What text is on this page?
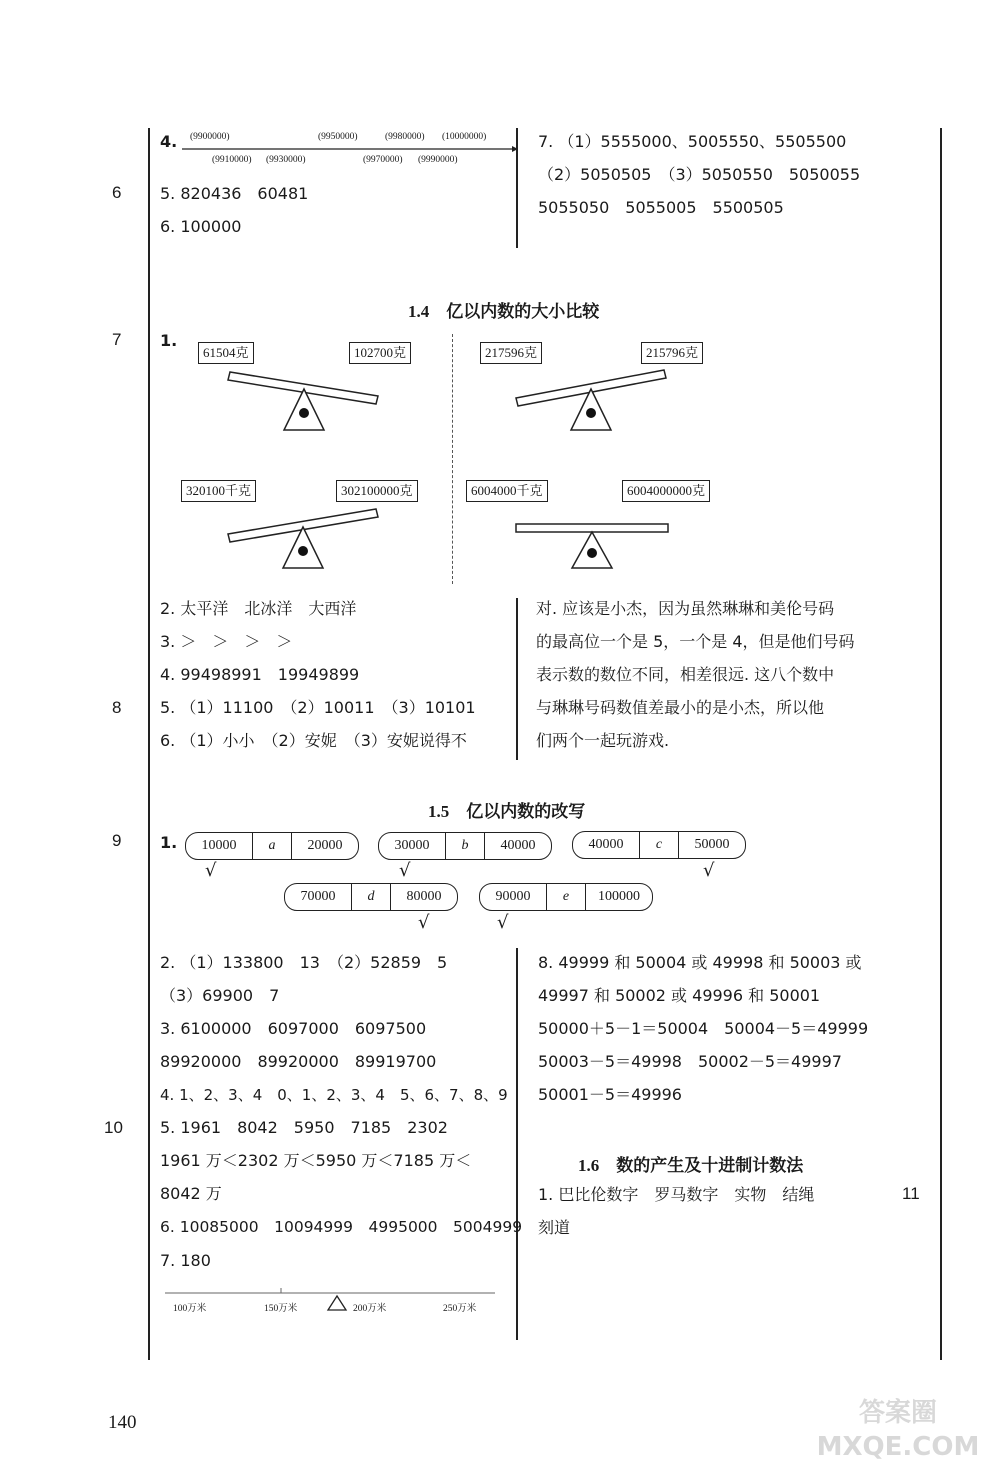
6
7
8
9
10
11
4. (9900000)	(9950000)	(9980000) (10000000)
(9910000) (9930000)	(9970000) (9990000)
5. 820436　60481
6. 100000
7. （1）5555000、5005550、5505500
（2）5050505　（3）5050550　5050055
5055050　5055005　5500505
1.4　亿以内数的大小比较
1.
61504克	102700克	217596克	215796克
320100千克	302100000克	6004000千克	6004000000克
2. 太平洋　北冰洋　大西洋
3. ＞　＞　＞　＞
4. 99498991　19949899
5. （1）11100　（2）10011　（3）10101
6. （1）小小　（2）安妮　（3）安妮说得不
对. 应该是小杰，因为虽然琳琳和美伦号码
的最高位一个是 5，一个是 4，但是他们号码
表示数的数位不同，相差很远. 这八个数中
与琳琳号码数值差最小的是小杰，所以他
们两个一起玩游戏.
1.5　亿以内数的改写
1.	10000	a	20000	30000	b	40000	40000	c	50000
70000	d	80000	90000	e	100000
√	√	√
√	√
2. （1）133800　13　（2）52859　5
（3）69900　7
3. 6100000　6097000　6097500
89920000　89920000　89919700
4. 1、2、3、4　0、1、2、3、4　5、6、7、8、9
5. 1961　8042　5950　7185　2302
1961 万＜2302 万＜5950 万＜7185 万＜
8042 万
6. 10085000　10094999　4995000　5004999
7. 180
100万米	150万米	200万米	250万米
8. 49999 和 50004 或 49998 和 50003 或
49997 和 50002 或 49996 和 50001
50000＋5－1＝50004　50004－5＝49999
50003－5＝49998　50002－5＝49997
50001－5＝49996
1.6　数的产生及十进制计数法
1. 巴比伦数字　罗马数字　实物　结绳
刻道
140	答案圈 MXQE.COM
